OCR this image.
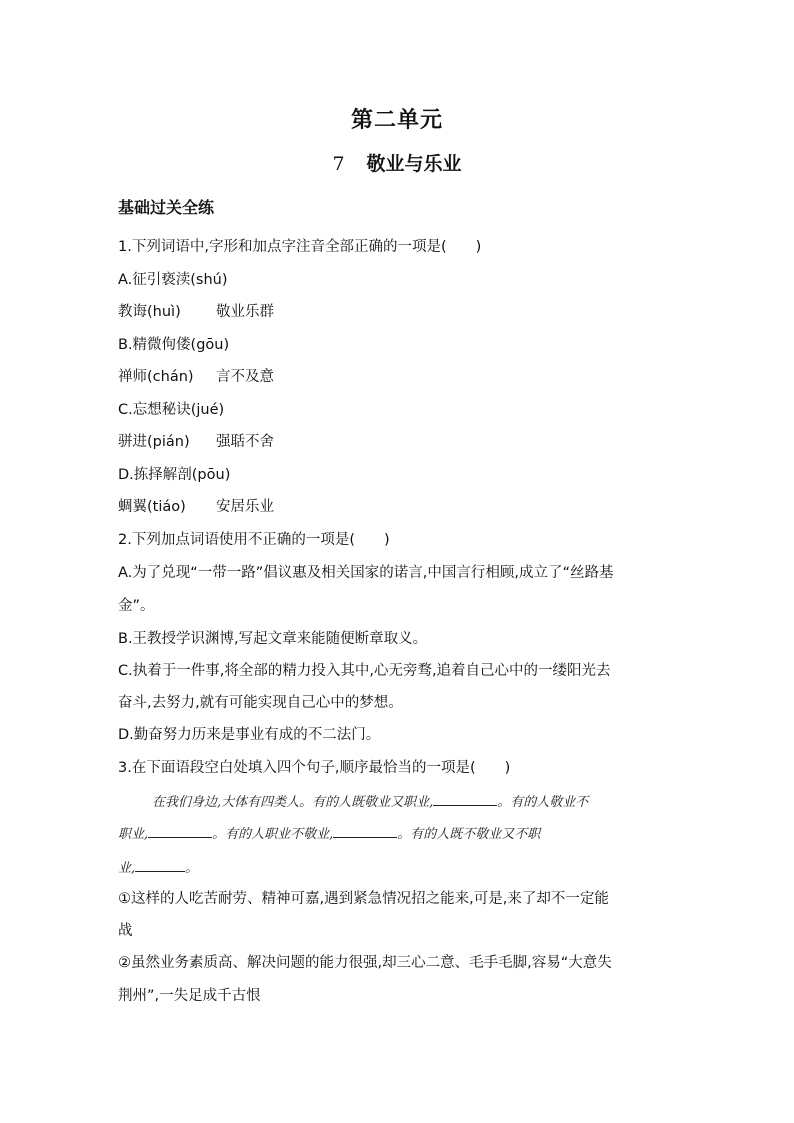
第二单元
7 敬业与乐业
基础过关全练
1.下列词语中,字形和加点字注音全部正确的一项是(　　)
A.征引亵渎(shú)
教诲(huì) 敬业乐群
B.精微佝偻(gōu)
禅师(chán) 言不及意
C.忘想秘诀(jué)
骈进(pián) 强聒不舍
D.拣择解剖(pōu)
蜩翼(tiáo) 安居乐业
2.下列加点词语使用不正确的一项是(　　)
A.为了兑现“一带一路”倡议惠及相关国家的诺言,中国言行相顾,成立了“丝路基
金”。
B.王教授学识渊博,写起文章来能随便断章取义。
C.执着于一件事,将全部的精力投入其中,心无旁骛,追着自己心中的一缕阳光去
奋斗,去努力,就有可能实现自己心中的梦想。
D.勤奋努力历来是事业有成的不二法门。
3.在下面语段空白处填入四个句子,顺序最恰当的一项是(　　)
在我们身边,大体有四类人。有的人既敬业又职业,	。有的人敬业不
职业,	。有的人职业不敬业,	。有的人既不敬业又不职
业,	。
①这样的人吃苦耐劳、精神可嘉,遇到紧急情况招之能来,可是,来了却不一定能
战
②虽然业务素质高、解决问题的能力很强,却三心二意、毛手毛脚,容易“大意失
荆州”,一失足成千古恨
